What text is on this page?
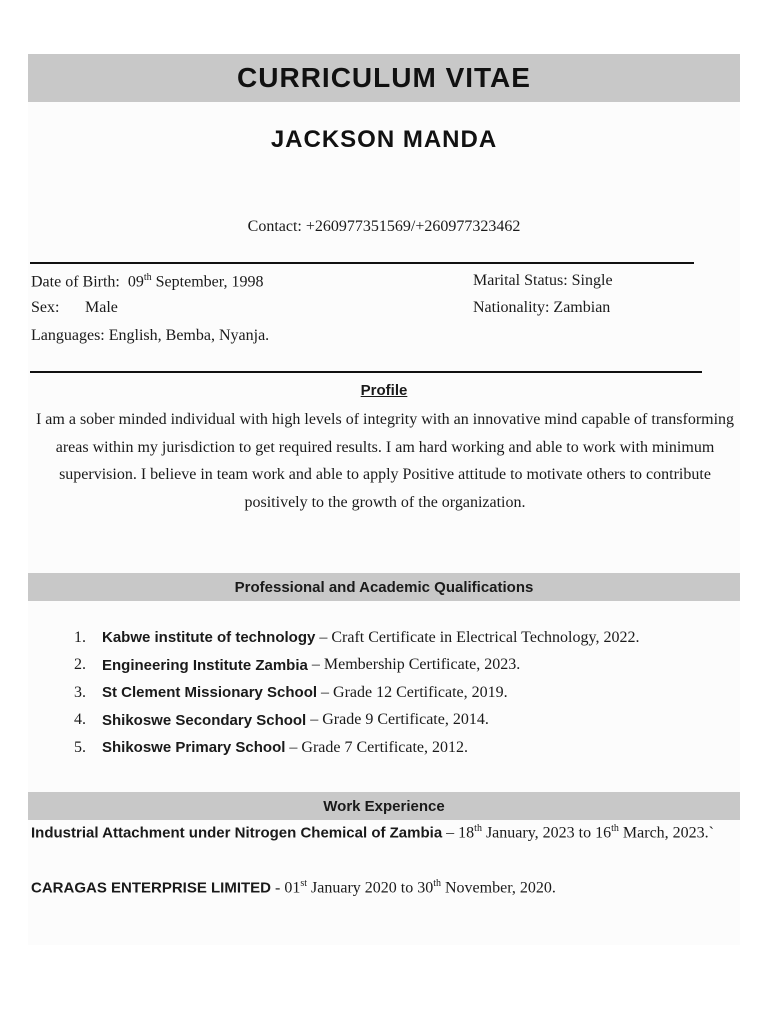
CURRICULUM VITAE
JACKSON MANDA
Contact: +260977351569/+260977323462
Date of Birth: 09th September, 1998
Sex: Male
Languages: English, Bemba, Nyanja.
Marital Status: Single
Nationality: Zambian
Profile
I am a sober minded individual with high levels of integrity with an innovative mind capable of transforming areas within my jurisdiction to get required results. I am hard working and able to work with minimum supervision. I believe in team work and able to apply Positive attitude to motivate others to contribute positively to the growth of the organization.
Professional and Academic Qualifications
1.
Kabwe institute of technology
– Craft Certificate in Electrical Technology, 2022.
2.
Engineering Institute Zambia
– Membership Certificate, 2023.
3.
St Clement Missionary School
– Grade 12 Certificate, 2019.
4.
Shikoswe Secondary School
– Grade 9 Certificate, 2014.
5.
Shikoswe Primary School
– Grade 7 Certificate, 2012.
Work Experience
Industrial Attachment under Nitrogen Chemical of Zambia – 18th January, 2023 to 16th March, 2023.`
CARAGAS ENTERPRISE LIMITED - 01st January 2020 to 30th November, 2020.
